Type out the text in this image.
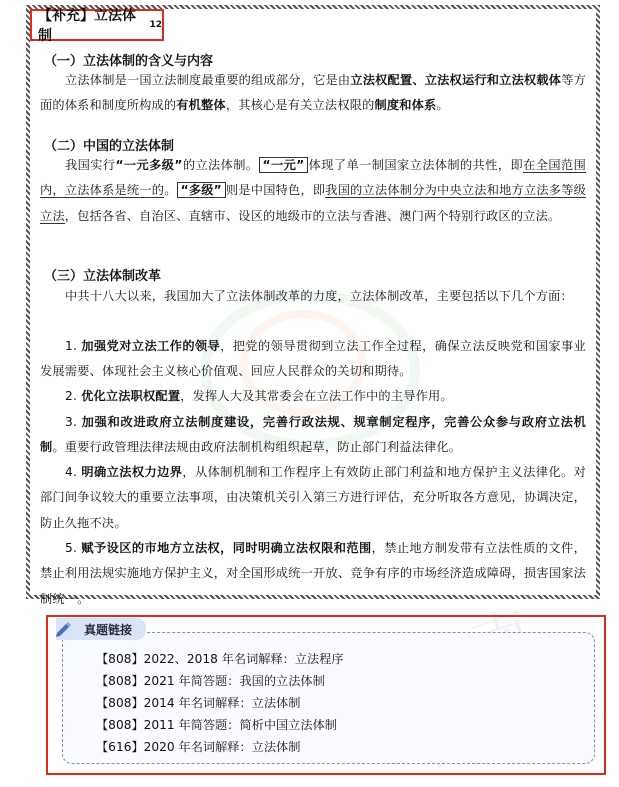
【补充】立法体制
12
（一）立法体制的含义与内容
立法体制是一国立法制度最重要的组成部分，它是由立法权配置、立法权运行和立法权载体等方面的体系和制度所构成的有机整体，其核心是有关立法权限的制度和体系。
（二）中国的立法体制
我国实行“一元多级”的立法体制。 “一元” 体现了单一制国家立法体制的共性，即在全国范围内，立法体系是统一的。 “多级” 则是中国特色，即我国的立法体制分为中央立法和地方立法多等级立法，包括各省、自治区、直辖市、设区的地级市的立法与香港、澳门两个特别行政区的立法。
（三）立法体制改革
中共十八大以来，我国加大了立法体制改革的力度，立法体制改革，主要包括以下几个方面：
1. 加强党对立法工作的领导，把党的领导贯彻到立法工作全过程，确保立法反映党和国家事业发展需要、体现社会主义核心价值观、回应人民群众的关切和期待。
2. 优化立法职权配置，发挥人大及其常委会在立法工作中的主导作用。
3. 加强和改进政府立法制度建设，完善行政法规、规章制定程序，完善公众参与政府立法机制。重要行政管理法律法规由政府法制机构组织起草，防止部门利益法律化。
4. 明确立法权力边界，从体制机制和工作程序上有效防止部门利益和地方保护主义法律化。对部门间争议较大的重要立法事项，由决策机关引入第三方进行评估，充分听取各方意见，协调决定，防止久拖不决。
5. 赋予设区的市地方立法权，同时明确立法权限和范围，禁止地方制发带有立法性质的文件，禁止利用法规实施地方保护主义，对全国形成统一开放、竞争有序的市场经济造成障碍，损害国家法制统一。
真题链接
【808】2022、2018 年名词解释：立法程序
【808】2021 年简答题：我国的立法体制
【808】2014 年名词解释：立法体制
【808】2011 年简答题：简析中国立法体制
【616】2020 年名词解释：立法体制
